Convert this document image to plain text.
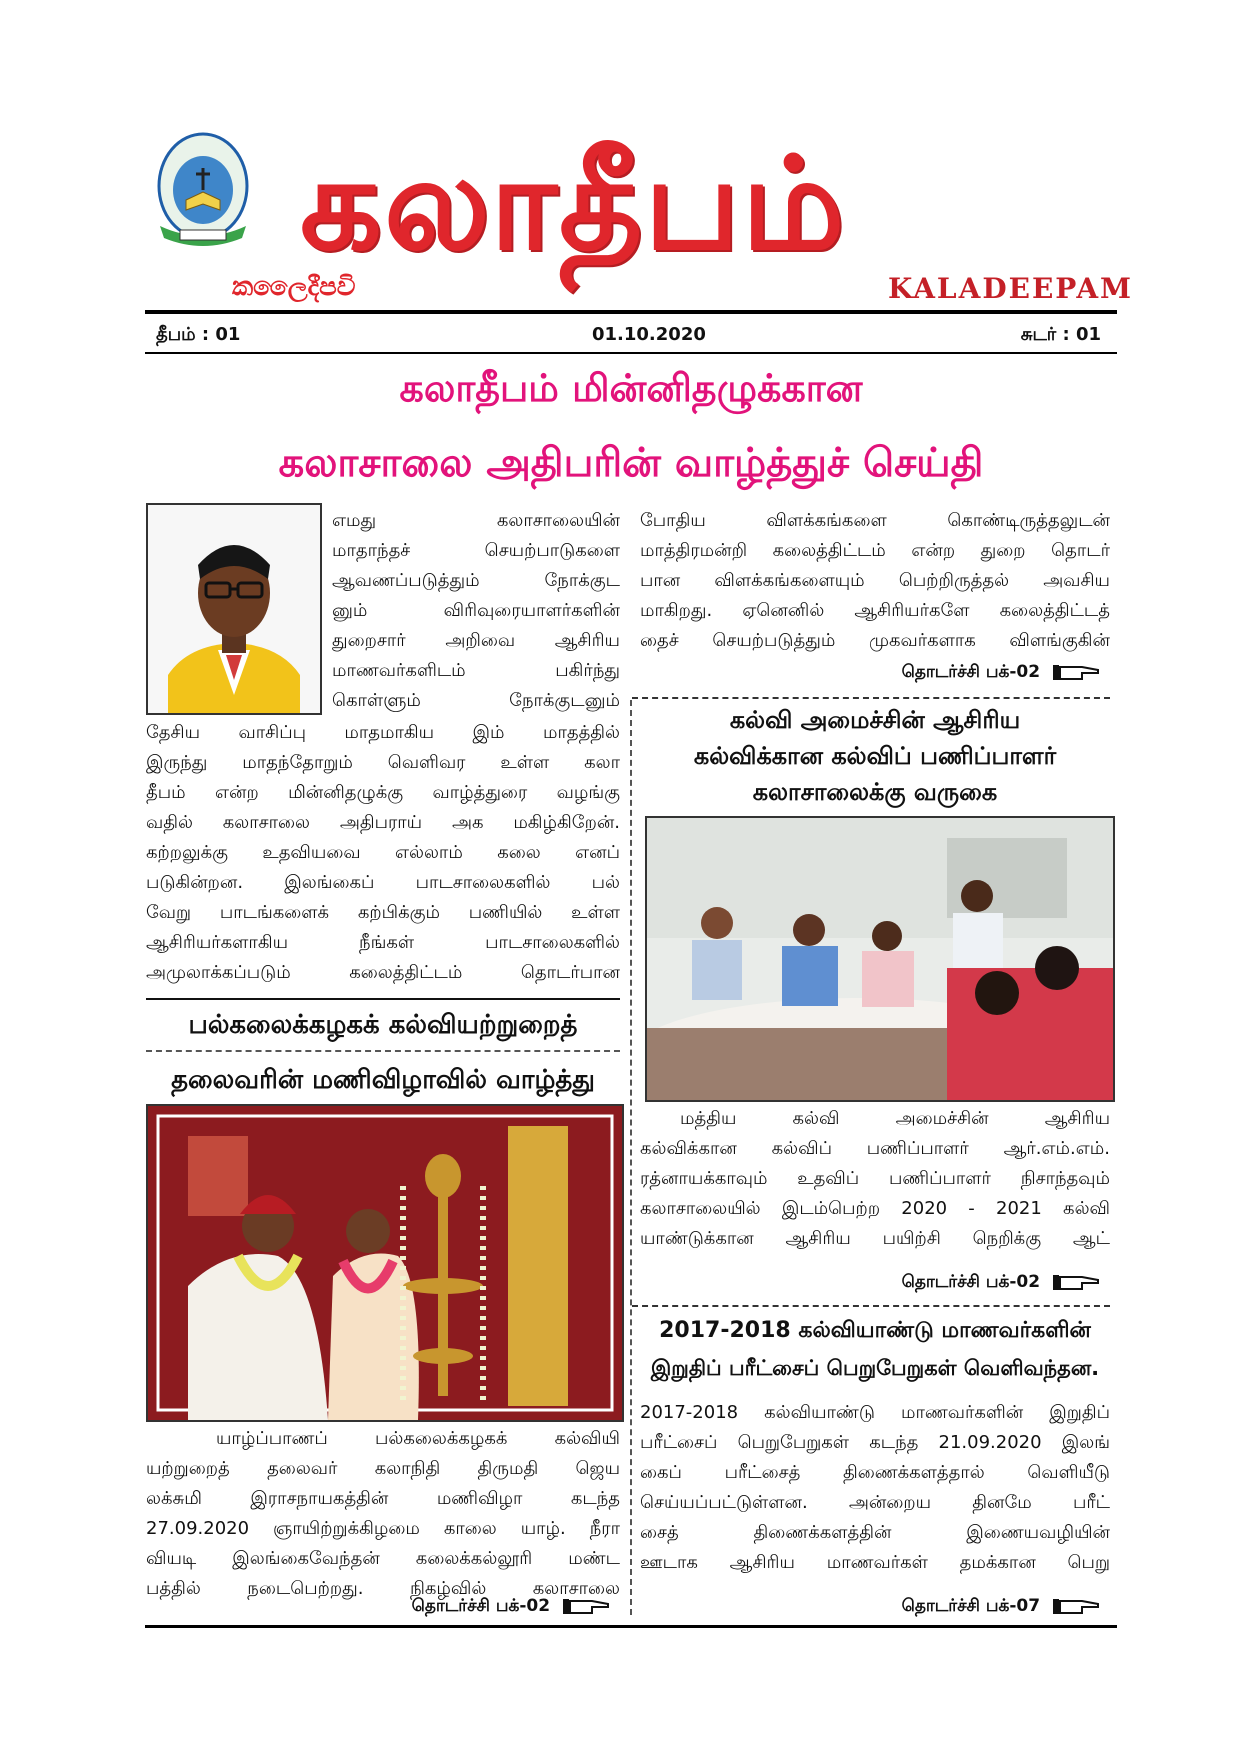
கலாதீபம்
කලෛදීපවි	KALADEEPAM
தீபம் : 01	01.10.2020	சுடர் : 01
கலாதீபம் மின்னிதழுக்கான
கலாசாலை அதிபரின் வாழ்த்துச் செய்தி
எமது கலாசாலையின்
மாதாந்தச் செயற்பாடுகளை
ஆவணப்படுத்தும் நோக்குட
னும் விரிவுரையாளர்களின்
துறைசார் அறிவை ஆசிரிய
மாணவர்களிடம் பகிர்ந்து
கொள்ளும் நோக்குடனும்
தேசிய வாசிப்பு மாதமாகிய இம் மாதத்தில்
இருந்து மாதந்தோறும் வெளிவர உள்ள கலா
தீபம் என்ற மின்னிதழுக்கு வாழ்த்துரை வழங்கு
வதில் கலாசாலை அதிபராய் அக மகிழ்கிறேன்.
கற்றலுக்கு உதவியவை எல்லாம் கலை எனப்
படுகின்றன. இலங்கைப் பாடசாலைகளில் பல்
வேறு பாடங்களைக் கற்பிக்கும் பணியில் உள்ள
ஆசிரியர்களாகிய நீங்கள் பாடசாலைகளில்
அமுலாக்கப்படும் கலைத்திட்டம் தொடர்பான
போதிய விளக்கங்களை கொண்டிருத்தலுடன்
மாத்திரமன்றி கலைத்திட்டம் என்ற துறை தொடர்
பான விளக்கங்களையும் பெற்றிருத்தல் அவசிய
மாகிறது. ஏனெனில் ஆசிரியர்களே கலைத்திட்டத்
தைச் செயற்படுத்தும் முகவர்களாக விளங்குகின்
தொடர்ச்சி பக்-02
கல்வி அமைச்சின் ஆசிரிய
கல்விக்கான கல்விப் பணிப்பாளர்
கலாசாலைக்கு வருகை
மத்திய கல்வி அமைச்சின் ஆசிரிய
கல்விக்கான கல்விப் பணிப்பாளர் ஆர்.எம்.எம்.
ரத்னாயக்காவும் உதவிப் பணிப்பாளர் நிசாந்தவும்
கலாசாலையில் இடம்பெற்ற 2020 - 2021 கல்வி
யாண்டுக்கான ஆசிரிய பயிற்சி நெறிக்கு ஆட்
தொடர்ச்சி பக்-02
2017-2018 கல்வியாண்டு மாணவர்களின்
இறுதிப் பரீட்சைப் பெறுபேறுகள் வெளிவந்தன.
2017-2018 கல்வியாண்டு மாணவர்களின் இறுதிப்
பரீட்சைப் பெறுபேறுகள் கடந்த 21.09.2020 இலங்
கைப் பரீட்சைத் திணைக்களத்தால் வெளியீடு
செய்யப்பட்டுள்ளன. அன்றைய தினமே பரீட்
சைத் திணைக்களத்தின் இணையவழியின்
ஊடாக ஆசிரிய மாணவர்கள் தமக்கான பெறு
தொடர்ச்சி பக்-07
பல்கலைக்கழகக் கல்வியற்றுறைத்
தலைவரின் மணிவிழாவில் வாழ்த்து
யாழ்ப்பாணப் பல்கலைக்கழகக் கல்வியி
யற்றுறைத் தலைவர் கலாநிதி திருமதி ஜெய
லக்சுமி இராசநாயகத்தின் மணிவிழா கடந்த
27.09.2020 ஞாயிற்றுக்கிழமை காலை யாழ். நீரா
வியடி இலங்கைவேந்தன் கலைக்கல்லூரி மண்ட
பத்தில் நடைபெற்றது. நிகழ்வில் கலாசாலை
தொடர்ச்சி பக்-02
